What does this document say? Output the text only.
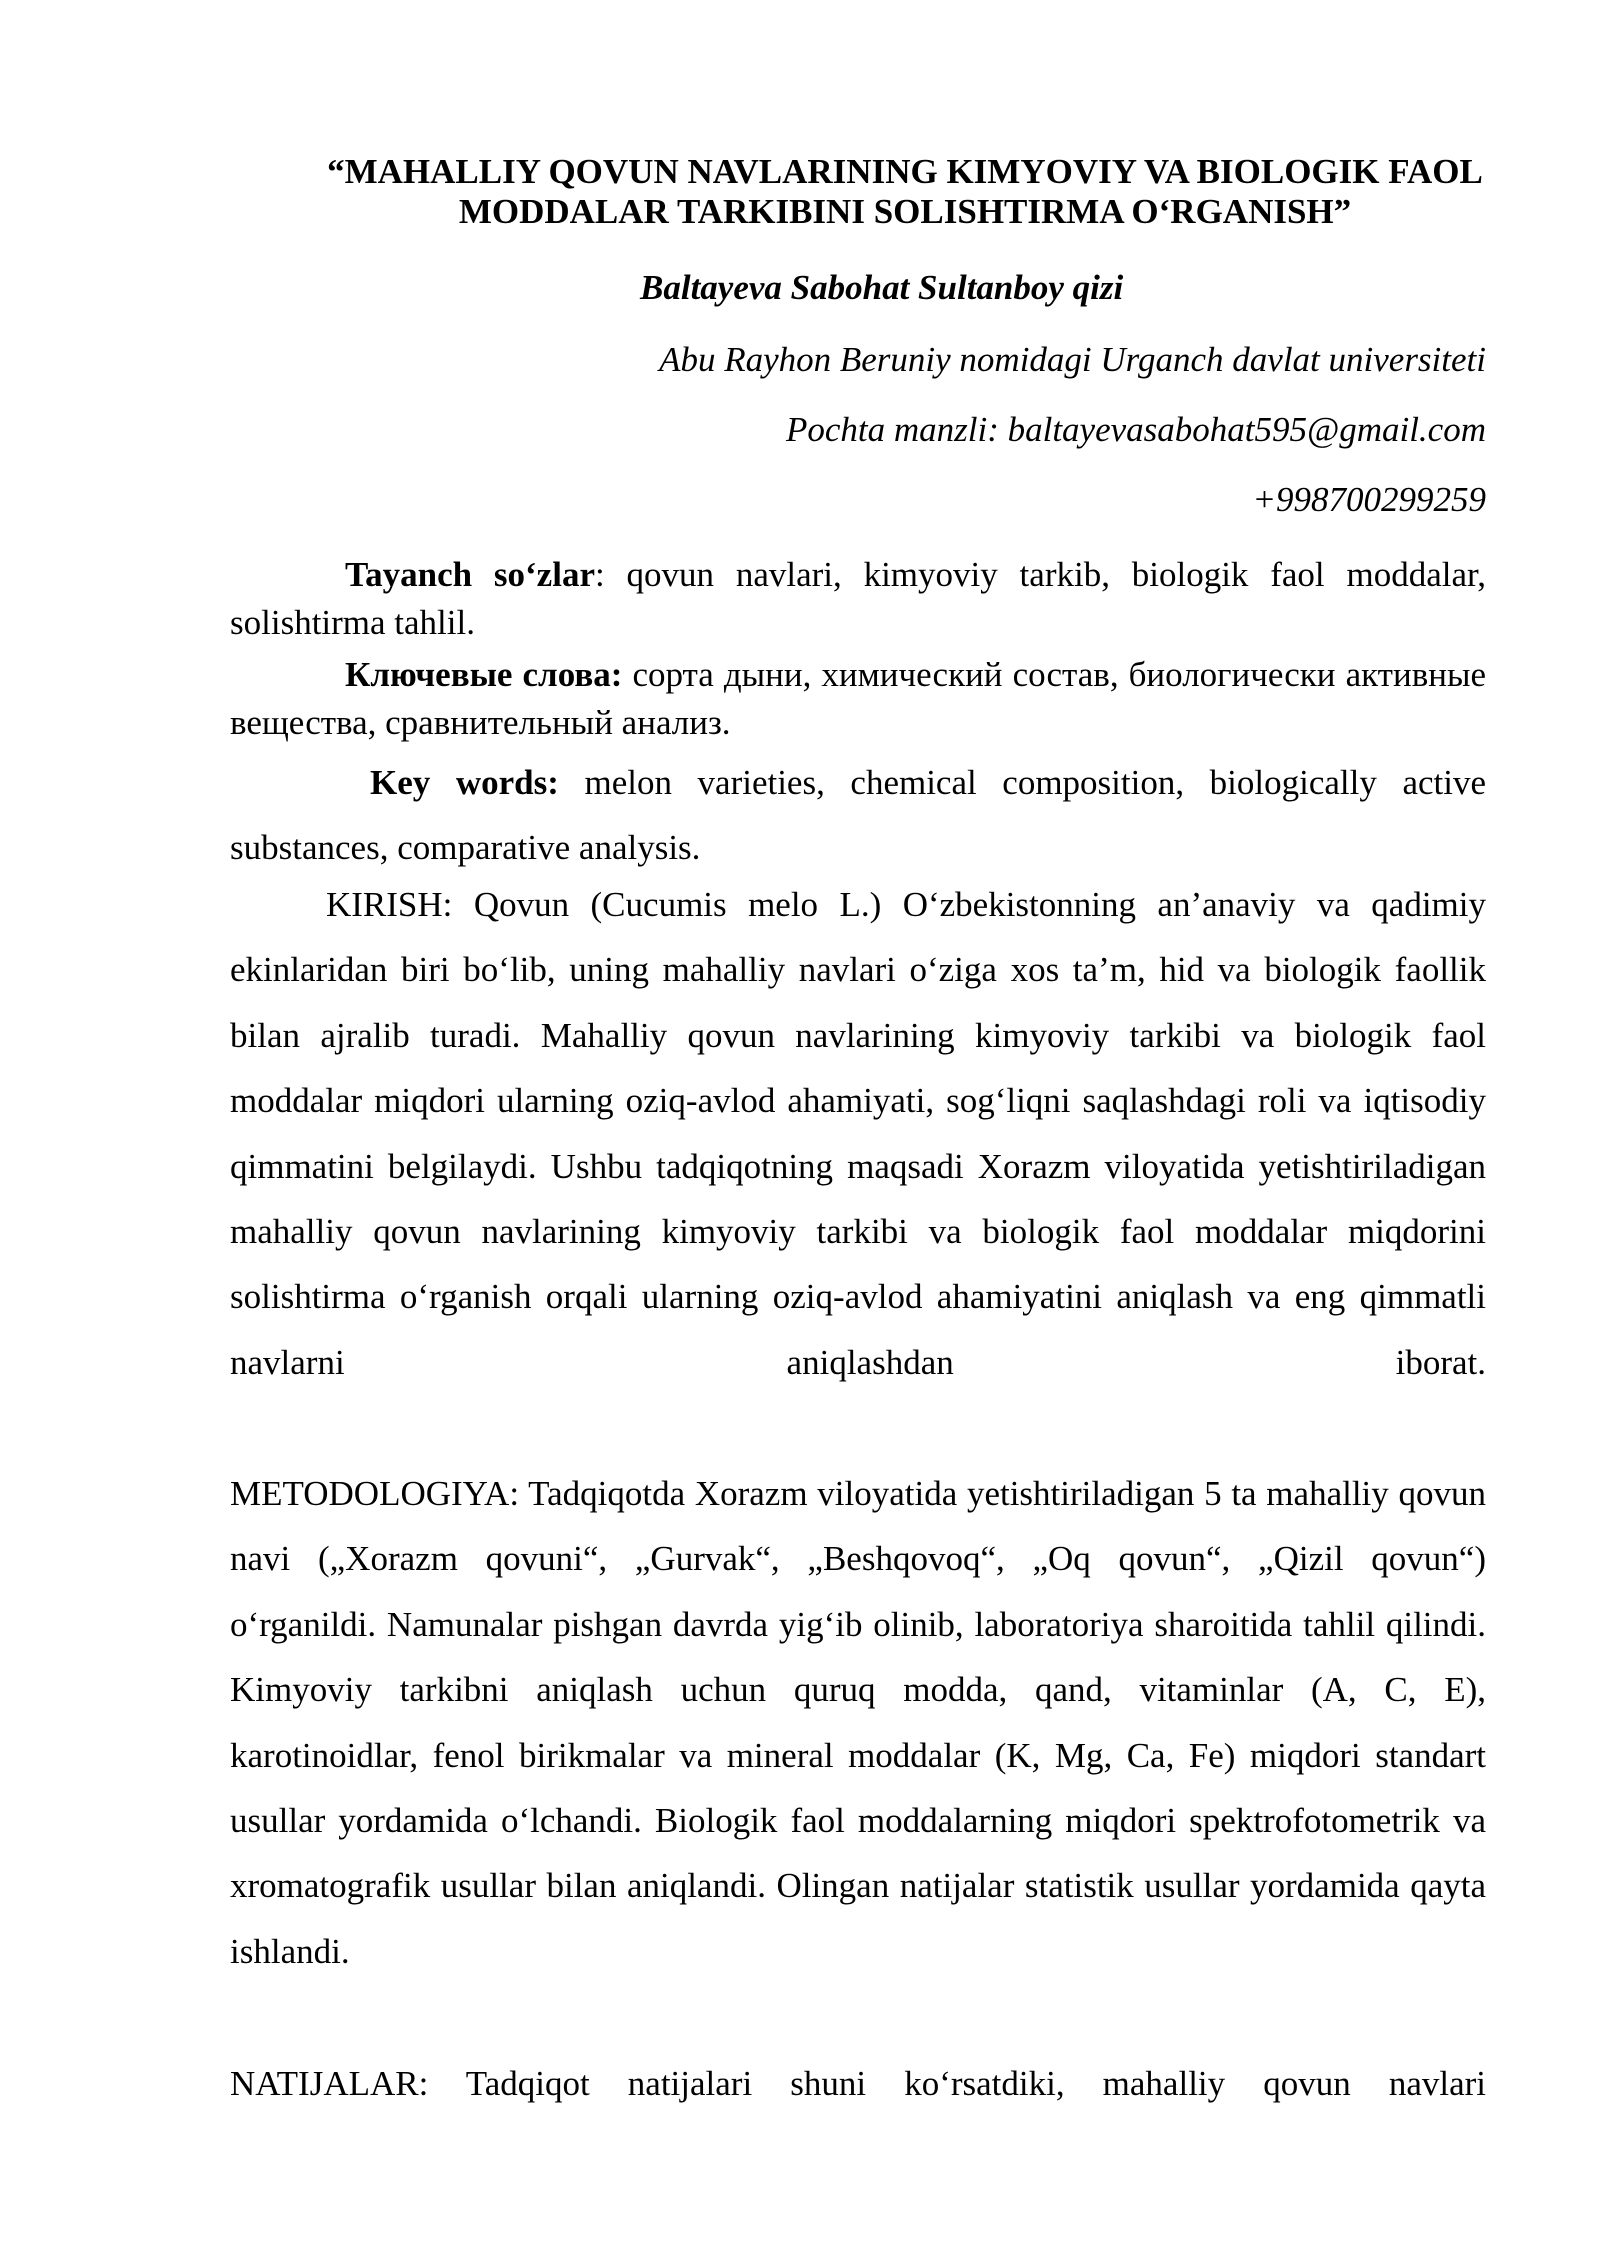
“MAHALLIY QOVUN NAVLARINING KIMYOVIY VA BIOLOGIK FAOL MODDALAR TARKIBINI SOLISHTIRMA O‘RGANISH”
Baltayeva Sabohat Sultanboy qizi
Abu Rayhon Beruniy nomidagi Urganch davlat universiteti
Pochta manzli: baltayevasabohat595@gmail.com
+998700299259

Tayanch so‘zlar: qovun navlari, kimyoviy tarkib, biologik faol moddalar, solishtirma tahlil.

Ключевые слова: сорта дыни, химический состав, биологически активные вещества, сравнительный анализ.

Key words: melon varieties, chemical composition, biologically active substances, comparative analysis.

KIRISH: Qovun (Cucumis melo L.) O‘zbekistonning an’anaviy va qadimiy ekinlaridan biri bo‘lib, uning mahalliy navlari o‘ziga xos ta’m, hid va biologik faollik bilan ajralib turadi. Mahalliy qovun navlarining kimyoviy tarkibi va biologik faol moddalar miqdori ularning oziq-avlod ahamiyati, sog‘liqni saqlashdagi roli va iqtisodiy qimmatini belgilaydi. Ushbu tadqiqotning maqsadi Xorazm viloyatida yetishtiriladigan mahalliy qovun navlarining kimyoviy tarkibi va biologik faol moddalar miqdorini solishtirma o‘rganish orqali ularning oziq-avlod ahamiyatini aniqlash va eng qimmatli navlarni aniqlashdan iborat.

METODOLOGIYA: Tadqiqotda Xorazm viloyatida yetishtiriladigan 5 ta mahalliy qovun navi („Xorazm qovuni“, „Gurvak“, „Beshqovoq“, „Oq qovun“, „Qizil qovun“) o‘rganildi. Namunalar pishgan davrda yig‘ib olinib, laboratoriya sharoitida tahlil qilindi. Kimyoviy tarkibni aniqlash uchun quruq modda, qand, vitaminlar (A, C, E), karotinoidlar, fenol birikmalar va mineral moddalar (K, Mg, Ca, Fe) miqdori standart usullar yordamida o‘lchandi. Biologik faol moddalarning miqdori spektrofotometrik va xromatografik usullar bilan aniqlandi. Olingan natijalar statistik usullar yordamida qayta ishlandi.

NATIJALAR: Tadqiqot natijalari shuni ko‘rsatdiki, mahalliy qovun navlari
